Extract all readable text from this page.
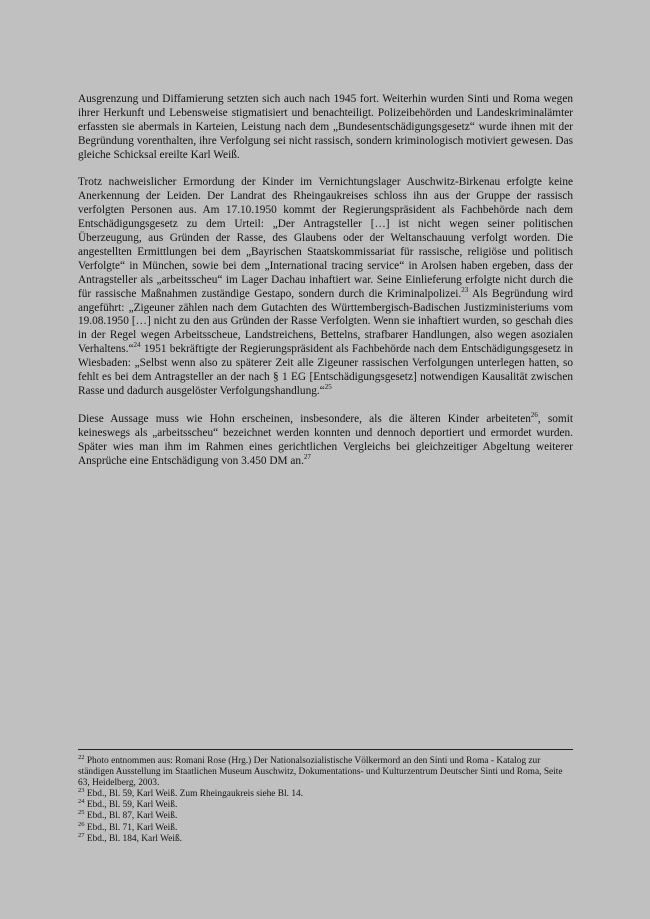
Ausgrenzung und Diffamierung setzten sich auch nach 1945 fort. Weiterhin wurden Sinti und Roma wegen ihrer Herkunft und Lebensweise stigmatisiert und benachteiligt. Polizeibehörden und Landeskriminalämter erfassten sie abermals in Karteien, Leistung nach dem „Bundesentschädigungsgesetz“ wurde ihnen mit der Begründung vorenthalten, ihre Verfolgung sei nicht rassisch, sondern kriminologisch motiviert gewesen. Das gleiche Schicksal ereilte Karl Weiß.

Trotz nachweislicher Ermordung der Kinder im Vernichtungslager Auschwitz-Birkenau erfolgte keine Anerkennung der Leiden. Der Landrat des Rheingaukreises schloss ihn aus der Gruppe der rassisch verfolgten Personen aus. Am 17.10.1950 kommt der Regierungspräsident als Fachbehörde nach dem Entschädigungsgesetz zu dem Urteil: „Der Antragsteller […] ist nicht wegen seiner politischen Überzeugung, aus Gründen der Rasse, des Glaubens oder der Weltanschauung verfolgt worden. Die angestellten Ermittlungen bei dem „Bayrischen Staatskommissariat für rassische, religiöse und politisch Verfolgte“ in München, sowie bei dem „International tracing service“ in Arolsen haben ergeben, dass der Antragsteller als „arbeitsscheu“ im Lager Dachau inhaftiert war. Seine Einlieferung erfolgte nicht durch die für rassische Maßnahmen zuständige Gestapo, sondern durch die Kriminalpolizei.$^{23}$ Als Begründung wird angeführt: „Zigeuner zählen nach dem Gutachten des Württembergisch-Badischen Justizministeriums vom 19.08.1950 […] nicht zu den aus Gründen der Rasse Verfolgten. Wenn sie inhaftiert wurden, so geschah dies in der Regel wegen Arbeitsscheue, Landstreichens, Bettelns, strafbarer Handlungen, also wegen asozialen Verhaltens.“$^{24}$ 1951 bekräftigte der Regierungspräsident als Fachbehörde nach dem Entschädigungsgesetz in Wiesbaden: „Selbst wenn also zu späterer Zeit alle Zigeuner rassischen Verfolgungen unterlegen hatten, so fehlt es bei dem Antragsteller an der nach § 1 EG [Entschädigungsgesetz] notwendigen Kausalität zwischen Rasse und dadurch ausgelöster Verfolgungshandlung.“$^{25}$

Diese Aussage muss wie Hohn erscheinen, insbesondere, als die älteren Kinder arbeiteten$^{26}$, somit keineswegs als „arbeitsscheu“ bezeichnet werden konnten und dennoch deportiert und ermordet wurden. Später wies man ihm im Rahmen eines gerichtlichen Vergleichs bei gleichzeitiger Abgeltung weiterer Ansprüche eine Entschädigung von 3.450 DM an.$^{27}$

$^{22}$ Photo entnommen aus: Romani Rose (Hrg.) Der Nationalsozialistische Völkermord an den Sinti und Roma - Katalog zur ständigen Ausstellung im Staatlichen Museum Auschwitz, Dokumentations- und Kulturzentrum Deutscher Sinti und Roma, Seite 63, Heidelberg, 2003.

$^{23}$ Ebd., Bl. 59, Karl Weiß. Zum Rheingaukreis siehe Bl. 14.

$^{24}$ Ebd., Bl. 59, Karl Weiß.

$^{25}$ Ebd., Bl. 87, Karl Weiß.

$^{26}$ Ebd., Bl. 71, Karl Weiß.

$^{27}$ Ebd., Bl. 184, Karl Weiß.
